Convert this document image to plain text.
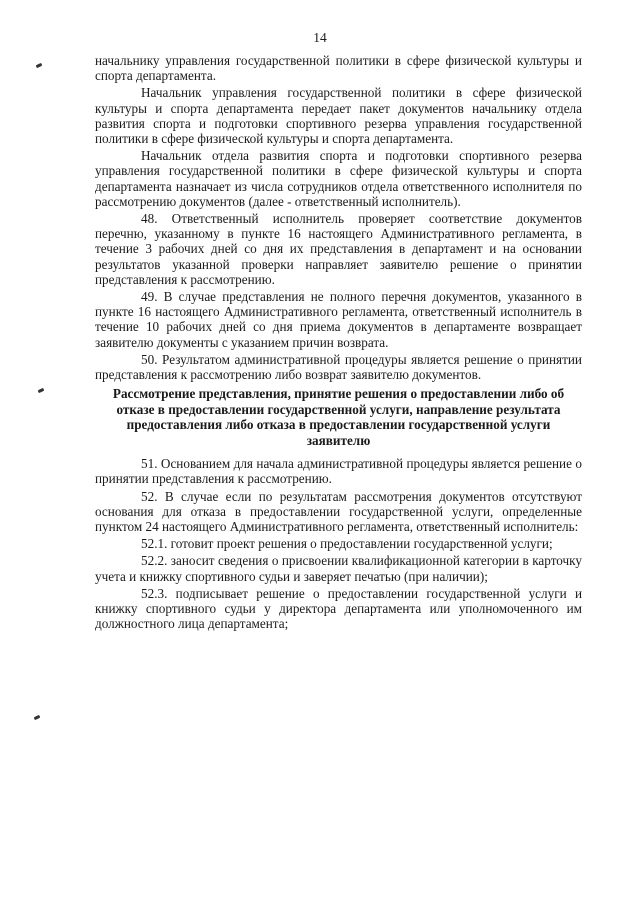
14

начальнику управления государственной политики в сфере физической культуры и спорта департамента.

Начальник управления государственной политики в сфере физической культуры и спорта департамента передает пакет документов начальнику отдела развития спорта и подготовки спортивного резерва управления государственной политики в сфере физической культуры и спорта департамента.

Начальник отдела развития спорта и подготовки спортивного резерва управления государственной политики в сфере физической культуры и спорта департамента назначает из числа сотрудников отдела ответственного исполнителя по рассмотрению документов (далее - ответственный исполнитель).

48. Ответственный исполнитель проверяет соответствие документов перечню, указанному в пункте 16 настоящего Административного регламента, в течение 3 рабочих дней со дня их представления в департамент и на основании результатов указанной проверки направляет заявителю решение о принятии представления к рассмотрению.

49. В случае представления не полного перечня документов, указанного в пункте 16 настоящего Административного регламента, ответственный исполнитель в течение 10 рабочих дней со дня приема документов в департаменте возвращает заявителю документы с указанием причин возврата.

50. Результатом административной процедуры является решение о принятии представления к рассмотрению либо возврат заявителю документов.

Рассмотрение представления, принятие решения о предоставлении либо об отказе в предоставлении государственной услуги, направление результата предоставления либо отказа в предоставлении государственной услуги заявителю

51. Основанием для начала административной процедуры является решение о принятии представления к рассмотрению.

52. В случае если по результатам рассмотрения документов отсутствуют основания для отказа в предоставлении государственной услуги, определенные пунктом 24 настоящего Административного регламента, ответственный исполнитель:

52.1. готовит проект решения о предоставлении государственной услуги;

52.2. заносит сведения о присвоении квалификационной категории в карточку учета и книжку спортивного судьи и заверяет печатью (при наличии);

52.3. подписывает решение о предоставлении государственной услуги и книжку спортивного судьи у директора департамента или уполномоченного им должностного лица департамента;
